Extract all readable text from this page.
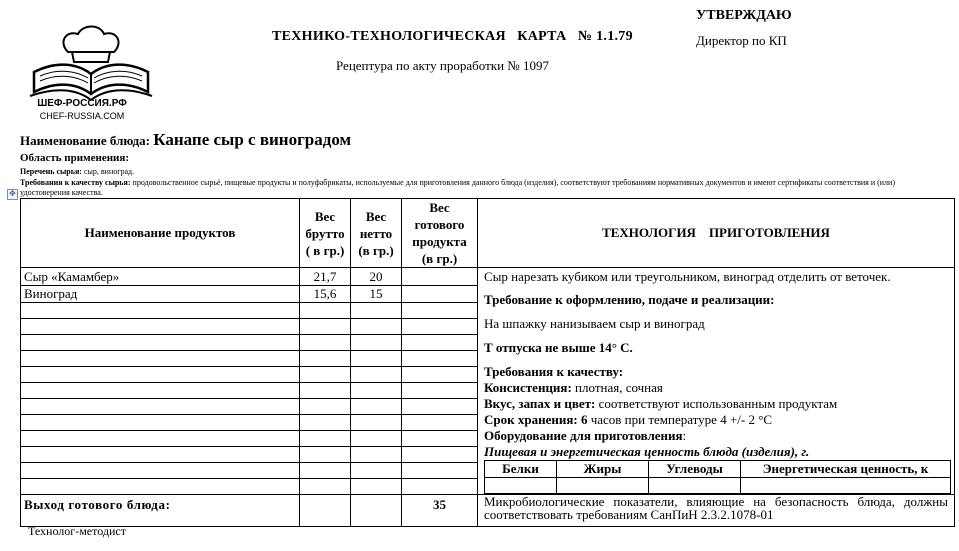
ШЕФ-РОССИЯ.РФ
CHEF-RUSSIA.COM
ТЕХНИКО-ТЕХНОЛОГИЧЕСКАЯ   КАРТА   № 1.1.79
Рецептура по акту проработки № 1097
УТВЕРЖДАЮ
Директор по КП
Наименование блюда: Канапе сыр с виноградом
Область применения:
Перечень сырья: сыр, виноград.
Требования к качеству сырья: продовольственное сырьё, пищевые продукты и полуфабрикаты, используемые для приготовления данного блюда (изделия), соответствуют требованиям нормативных документов и имеют сертификаты соответствия и (или) удостоверения качества.
✥
Наименование продуктов	Вес брутто ( в гр.)	Вес нетто (в гр.)	Вес готового продукта (в гр.)	ТЕХНОЛОГИЯ    ПРИГОТОВЛЕНИЯ
Сыр «Камамбер»	21,7	20		Сыр нарезать кубиком или треугольником, виноград отделить от веточек.
Требование к оформлению, подаче и реализации:
На шпажку нанизываем сыр и виноград
Т отпуска не выше 14° С.
Требования к качеству:
Консистенция: плотная, сочная
Вкус, запах и цвет: соответствуют использованным продуктам
Срок хранения: 6 часов при температуре 4 +/- 2 °С
Оборудование для приготовления:
Пищевая и энергетическая ценность блюда (изделия), г.
Белки	Жиры	Углеводы	Энергетическая ценность, к

Виноград	15,6	15	

Выход готового блюда:			35	Микробиологические показатели, влияющие на безопасность блюда, должны соответствовать требованиям СанПиН 2.3.2.1078-01
Технолог-методист
